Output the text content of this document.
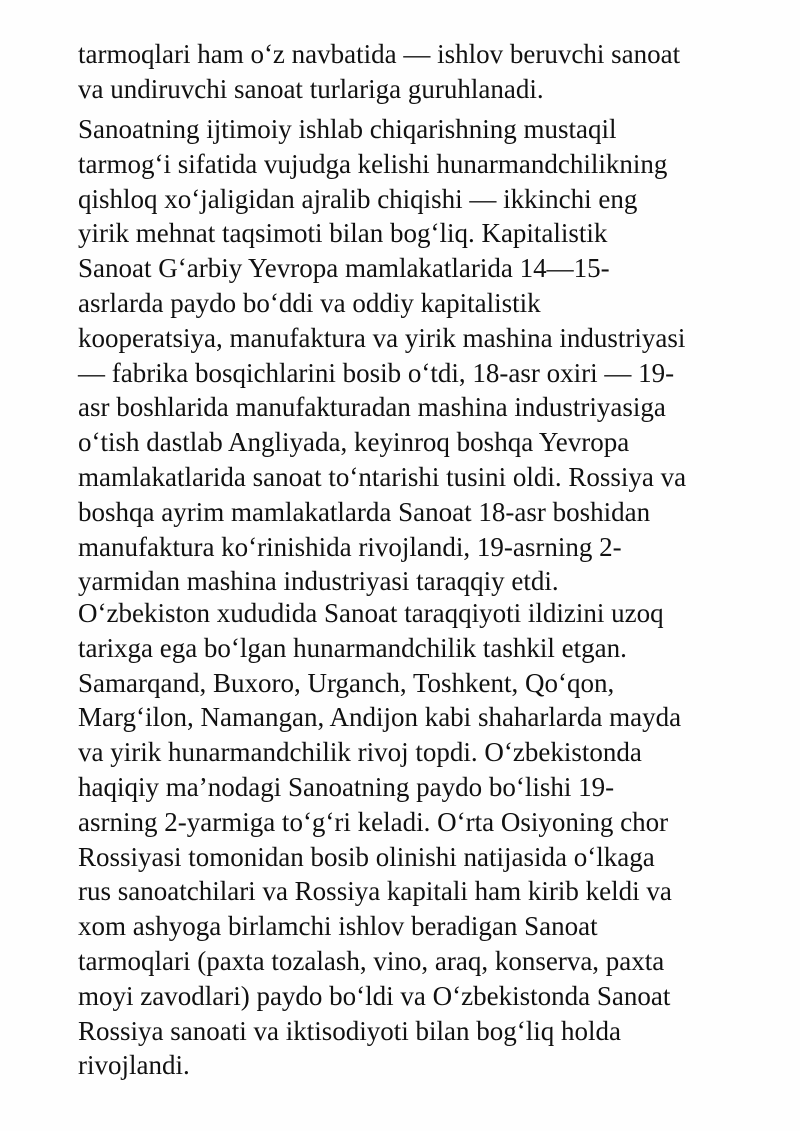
tarmoqlari ham o‘z navbatida — ishlov beruvchi sanoat
va undiruvchi sanoat turlariga guruhlanadi.
Sanoatning ijtimoiy ishlab chiqarishning mustaqil
tarmog‘i sifatida vujudga kelishi hunarmandchilikning
qishloq xo‘jaligidan ajralib chiqishi — ikkinchi eng
yirik mehnat taqsimoti bilan bog‘liq. Kapitalistik
Sanoat G‘arbiy Yevropa mamlakatlarida 14—15-
asrlarda paydo bo‘ddi va oddiy kapitalistik
kooperatsiya, manufaktura va yirik mashina industriyasi
— fabrika bosqichlarini bosib o‘tdi, 18-asr oxiri — 19-
asr boshlarida manufakturadan mashina industriyasiga
o‘tish dastlab Angliyada, keyinroq boshqa Yevropa
mamlakatlarida sanoat to‘ntarishi tusini oldi. Rossiya va
boshqa ayrim mamlakatlarda Sanoat 18-asr boshidan
manufaktura ko‘rinishida rivojlandi, 19-asrning 2-
yarmidan mashina industriyasi taraqqiy etdi.
O‘zbekiston xududida Sanoat taraqqiyoti ildizini uzoq
tarixga ega bo‘lgan hunarmandchilik tashkil etgan.
Samarqand, Buxoro, Urganch, Toshkent, Qo‘qon,
Marg‘ilon, Namangan, Andijon kabi shaharlarda mayda
va yirik hunarmandchilik rivoj topdi. O‘zbekistonda
haqiqiy ma’nodagi Sanoatning paydo bo‘lishi 19-
asrning 2-yarmiga to‘g‘ri keladi. O‘rta Osiyoning chor
Rossiyasi tomonidan bosib olinishi natijasida o‘lkaga
rus sanoatchilari va Rossiya kapitali ham kirib keldi va
xom ashyoga birlamchi ishlov beradigan Sanoat
tarmoqlari (paxta tozalash, vino, araq, konserva, paxta
moyi zavodlari) paydo bo‘ldi va O‘zbekistonda Sanoat
Rossiya sanoati va iktisodiyoti bilan bog‘liq holda
rivojlandi.
